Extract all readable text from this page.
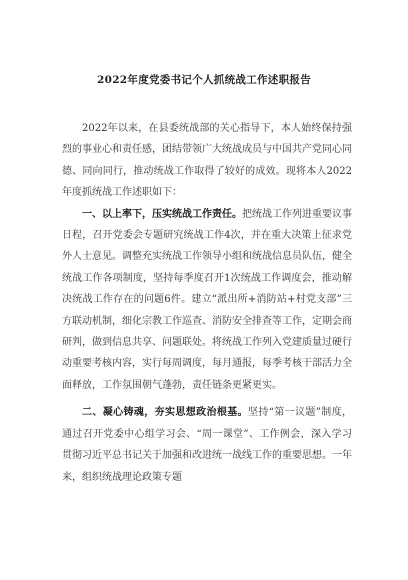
2022年度党委书记个人抓统战工作述职报告

2022年以来，在县委统战部的关心指导下，本人始终保持强烈的事业心和责任感，团结带领广大统战成员与中国共产党同心同德、同向同行，推动统战工作取得了较好的成效。现将本人2022年度抓统战工作述职如下：

一、以上率下，压实统战工作责任。把统战工作列进重要议事日程，召开党委会专题研究统战工作4次，并在重大决策上征求党外人士意见。调整充实统战工作领导小组和统战信息员队伍，健全统战工作各项制度，坚持每季度召开1次统战工作调度会，推动解决统战工作存在的问题6件。建立“派出所+消防站+村党支部”三方联动机制，细化宗教工作巡查、消防安全排查等工作，定期会商研判，做到信息共享、问题联处。将统战工作列入党建质量过硬行动重要考核内容，实行每周调度，每月通报，每季考核干部活力全面释放，工作氛围朝气蓬勃，责任链条更紧更实。

二、凝心铸魂，夯实思想政治根基。坚持“第一议题”制度，通过召开党委中心组学习会、“周一课堂”、工作例会，深入学习贯彻习近平总书记关于加强和改进统一战线工作的重要思想。一年来，组织统战理论政策专题
